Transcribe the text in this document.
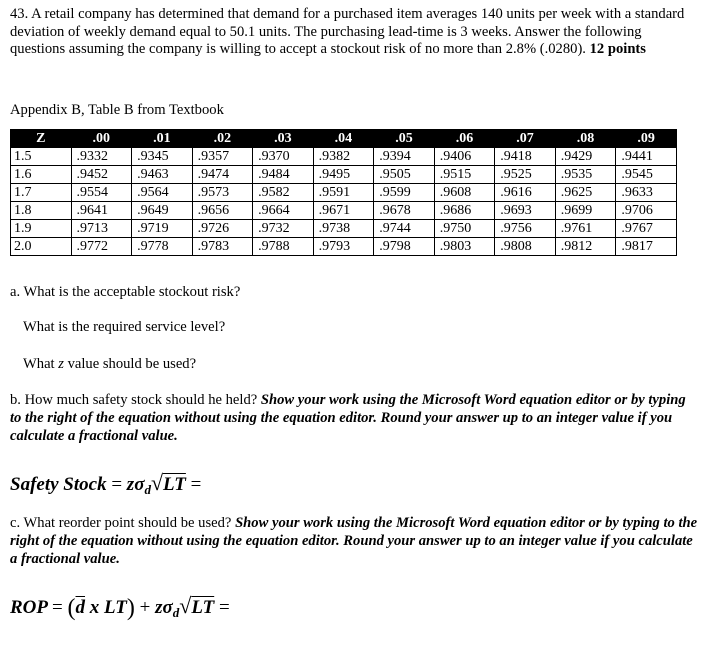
43. A retail company has determined that demand for a purchased item averages 140 units per week with a standard deviation of weekly demand equal to 50.1 units. The purchasing lead-time is 3 weeks. Answer the following questions assuming the company is willing to accept a stockout risk of no more than 2.8% (.0280). 12 points

Appendix B, Table B from Textbook
Z	.00	.01	.02	.03	.04	.05	.06	.07	.08	.09
1.5	.9332	.9345	.9357	.9370	.9382	.9394	.9406	.9418	.9429	.9441
1.6	.9452	.9463	.9474	.9484	.9495	.9505	.9515	.9525	.9535	.9545
1.7	.9554	.9564	.9573	.9582	.9591	.9599	.9608	.9616	.9625	.9633
1.8	.9641	.9649	.9656	.9664	.9671	.9678	.9686	.9693	.9699	.9706
1.9	.9713	.9719	.9726	.9732	.9738	.9744	.9750	.9756	.9761	.9767
2.0	.9772	.9778	.9783	.9788	.9793	.9798	.9803	.9808	.9812	.9817
a. What is the acceptable stockout risk?
What is the required service level?
What z value should be used?
b. How much safety stock should he held? Show your work using the Microsoft Word equation editor or by typing to the right of the equation without using the equation editor. Round your answer up to an integer value if you calculate a fractional value.
Safety Stock = $z\sigma_d√LT$ =
c. What reorder point should be used? Show your work using the Microsoft Word equation editor or by typing to the right of the equation without using the equation editor. Round your answer up to an integer value if you calculate a fractional value.
ROP = ($\overline{d}$ x $LT) + z\sigma_d√LT$ =
